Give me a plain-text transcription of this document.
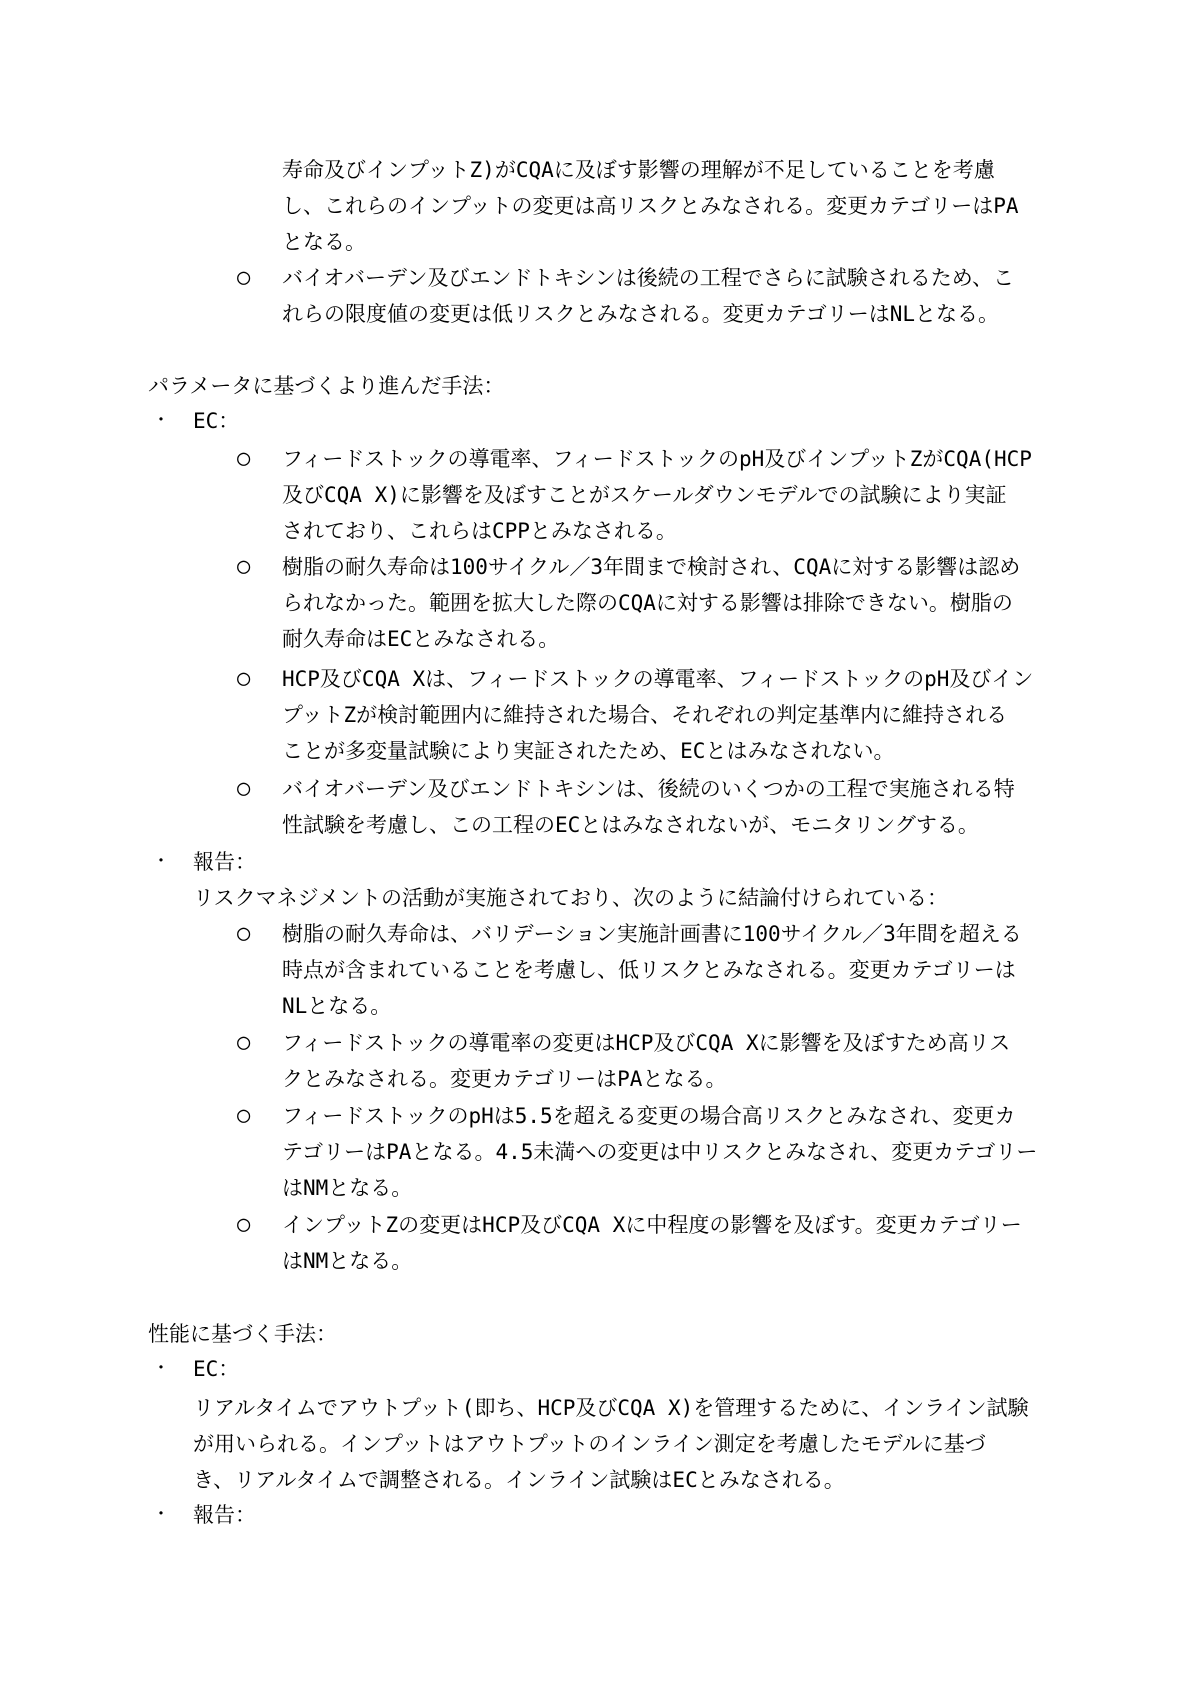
寿命及びインプットZ)がCQAに及ぼす影響の理解が不足していることを考慮
し、これらのインプットの変更は高リスクとみなされる。変更カテゴリーはPA
となる。
○ バイオバーデン及びエンドトキシンは後続の工程でさらに試験されるため、こ
れらの限度値の変更は低リスクとみなされる。変更カテゴリーはNLとなる。
パラメータに基づくより進んだ手法：
・ EC：
○ フィードストックの導電率、フィードストックのpH及びインプットZがCQA(HCP
及びCQA X)に影響を及ぼすことがスケールダウンモデルでの試験により実証
されており、これらはCPPとみなされる。
○ 樹脂の耐久寿命は100サイクル／3年間まで検討され、CQAに対する影響は認め
られなかった。範囲を拡大した際のCQAに対する影響は排除できない。樹脂の
耐久寿命はECとみなされる。
○ HCP及びCQA Xは、フィードストックの導電率、フィードストックのpH及びイン
プットZが検討範囲内に維持された場合、それぞれの判定基準内に維持される
ことが多変量試験により実証されたため、ECとはみなされない。
○ バイオバーデン及びエンドトキシンは、後続のいくつかの工程で実施される特
性試験を考慮し、この工程のECとはみなされないが、モニタリングする。
・ 報告：
リスクマネジメントの活動が実施されており、次のように結論付けられている：
○ 樹脂の耐久寿命は、バリデーション実施計画書に100サイクル／3年間を超える
時点が含まれていることを考慮し、低リスクとみなされる。変更カテゴリーは
NLとなる。
○ フィードストックの導電率の変更はHCP及びCQA Xに影響を及ぼすため高リス
クとみなされる。変更カテゴリーはPAとなる。
○ フィードストックのpHは5.5を超える変更の場合高リスクとみなされ、変更カ
テゴリーはPAとなる。4.5未満への変更は中リスクとみなされ、変更カテゴリー
はNMとなる。
○ インプットZの変更はHCP及びCQA Xに中程度の影響を及ぼす。変更カテゴリー
はNMとなる。
性能に基づく手法：
・ EC：
リアルタイムでアウトプット(即ち、HCP及びCQA X)を管理するために、インライン試験
が用いられる。インプットはアウトプットのインライン測定を考慮したモデルに基づ
き、リアルタイムで調整される。インライン試験はECとみなされる。
・ 報告：
